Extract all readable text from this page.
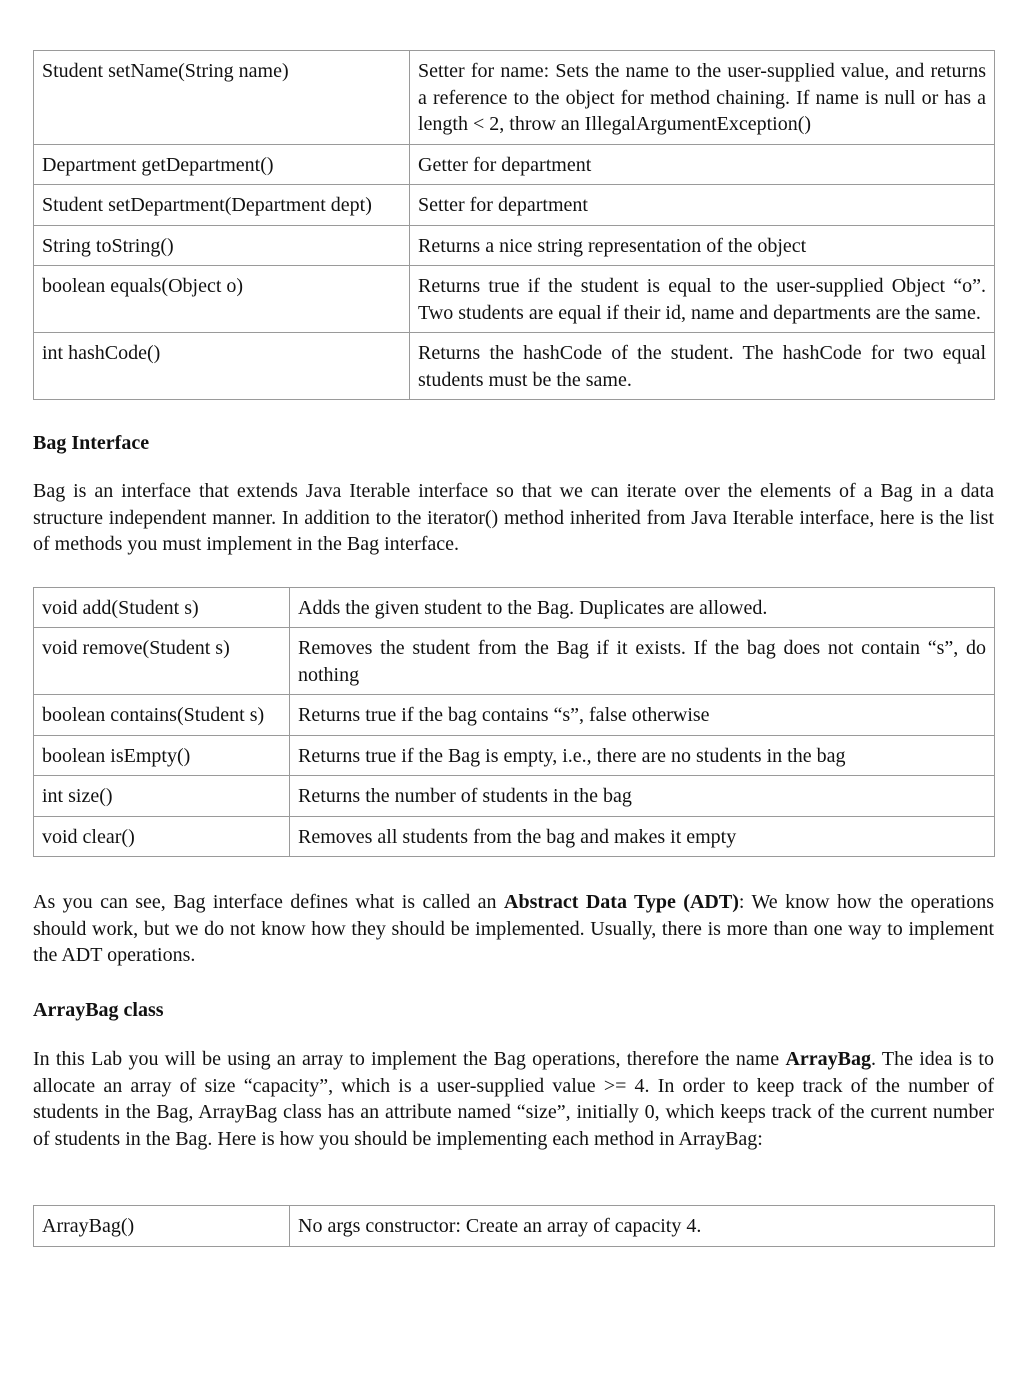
Student setName(String name)	Setter for name: Sets the name to the user-supplied value, and returns a reference to the object for method chaining. If name is null or has a length < 2, throw an IllegalArgumentException()
Department getDepartment()	Getter for department
Student setDepartment(Department dept)	Setter for department
String toString()	Returns a nice string representation of the object
boolean equals(Object o)	Returns true if the student is equal to the user-supplied Object “o”. Two students are equal if their id, name and departments are the same.
int hashCode()	Returns the hashCode of the student. The hashCode for two equal students must be the same.
Bag Interface

Bag is an interface that extends Java Iterable interface so that we can iterate over the elements of a Bag in a data structure independent manner. In addition to the iterator() method inherited from Java Iterable interface, here is the list of methods you must implement in the Bag interface.

void add(Student s)	Adds the given student to the Bag. Duplicates are allowed.
void remove(Student s)	Removes the student from the Bag if it exists. If the bag does not contain “s”, do nothing
boolean contains(Student s)	Returns true if the bag contains “s”, false otherwise
boolean isEmpty()	Returns true if the Bag is empty, i.e., there are no students in the bag
int size()	Returns the number of students in the bag
void clear()	Removes all students from the bag and makes it empty

As you can see, Bag interface defines what is called an Abstract Data Type (ADT): We know how the operations should work, but we do not know how they should be implemented. Usually, there is more than one way to implement the ADT operations.

ArrayBag class

In this Lab you will be using an array to implement the Bag operations, therefore the name ArrayBag. The idea is to allocate an array of size “capacity”, which is a user-supplied value >= 4. In order to keep track of the number of students in the Bag, ArrayBag class has an attribute named “size”, initially 0, which keeps track of the current number of students in the Bag. Here is how you should be implementing each method in ArrayBag:

ArrayBag()	No args constructor: Create an array of capacity 4.
